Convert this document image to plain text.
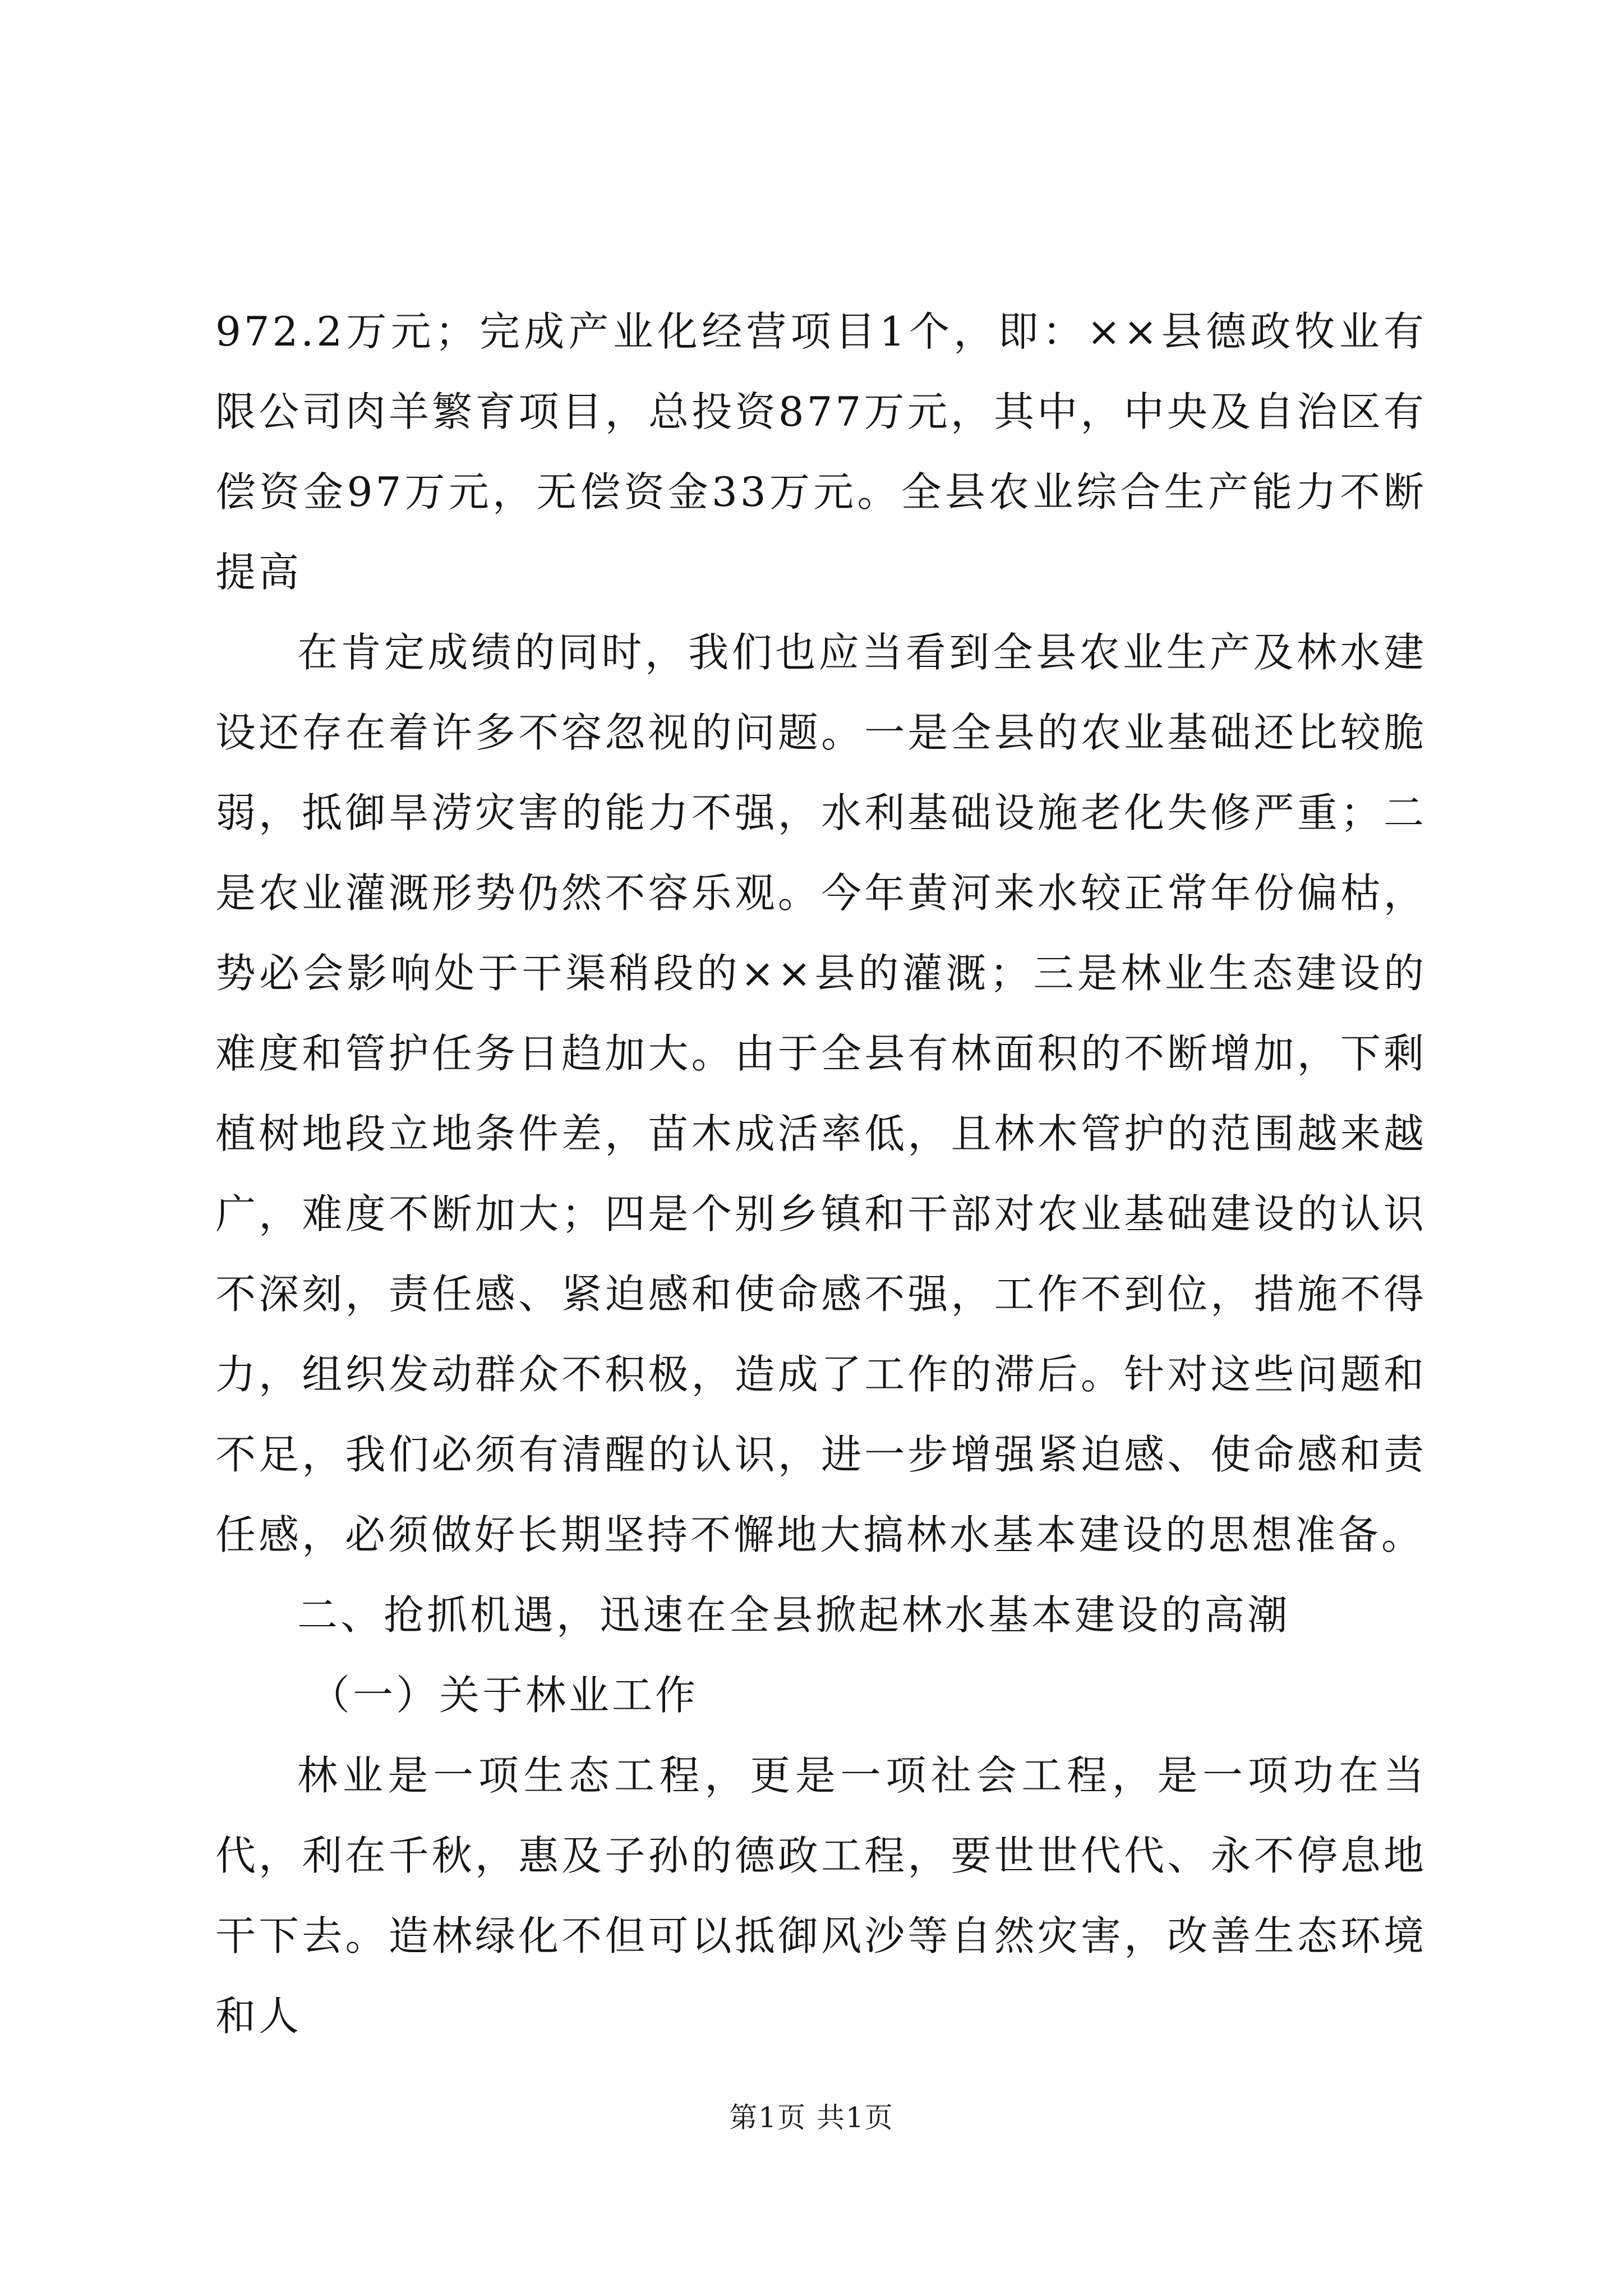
972.2万元；完成产业化经营项目1个，即：××县德政牧业有限公司肉羊繁育项目，总投资877万元，其中，中央及自治区有偿资金97万元，无偿资金33万元。全县农业综合生产能力不断提高

在肯定成绩的同时，我们也应当看到全县农业生产及林水建设还存在着许多不容忽视的问题。一是全县的农业基础还比较脆弱，抵御旱涝灾害的能力不强，水利基础设施老化失修严重；二是农业灌溉形势仍然不容乐观。今年黄河来水较正常年份偏枯，势必会影响处于干渠稍段的××县的灌溉；三是林业生态建设的难度和管护任务日趋加大。由于全县有林面积的不断增加，下剩植树地段立地条件差，苗木成活率低，且林木管护的范围越来越广，难度不断加大；四是个别乡镇和干部对农业基础建设的认识不深刻，责任感、紧迫感和使命感不强，工作不到位，措施不得力，组织发动群众不积极，造成了工作的滞后。针对这些问题和不足，我们必须有清醒的认识，进一步增强紧迫感、使命感和责任感，必须做好长期坚持不懈地大搞林水基本建设的思想准备。

二、抢抓机遇，迅速在全县掀起林水基本建设的高潮

（一）关于林业工作

林业是一项生态工程，更是一项社会工程，是一项功在当代，利在千秋，惠及子孙的德政工程，要世世代代、永不停息地干下去。造林绿化不但可以抵御风沙等自然灾害，改善生态环境和人

第1页 共1页
